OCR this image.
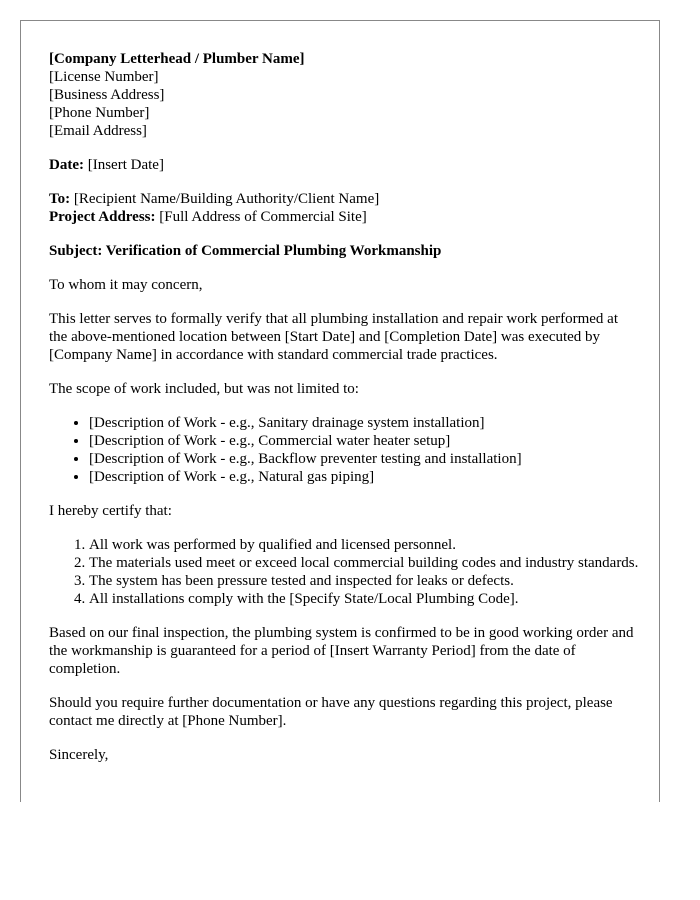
[Company Letterhead / Plumber Name]
[License Number]
[Business Address]
[Phone Number]
[Email Address]

Date: [Insert Date]

To: [Recipient Name/Building Authority/Client Name]
Project Address: [Full Address of Commercial Site]

Subject: Verification of Commercial Plumbing Workmanship

To whom it may concern,

This letter serves to formally verify that all plumbing installation and repair work performed at the above-mentioned location between [Start Date] and [Completion Date] was executed by [Company Name] in accordance with standard commercial trade practices.

The scope of work included, but was not limited to:

• [Description of Work - e.g., Sanitary drainage system installation]
• [Description of Work - e.g., Commercial water heater setup]
• [Description of Work - e.g., Backflow preventer testing and installation]
• [Description of Work - e.g., Natural gas piping]

I hereby certify that:

1. All work was performed by qualified and licensed personnel.
2. The materials used meet or exceed local commercial building codes and industry standards.
3. The system has been pressure tested and inspected for leaks or defects.
4. All installations comply with the [Specify State/Local Plumbing Code].

Based on our final inspection, the plumbing system is confirmed to be in good working order and the workmanship is guaranteed for a period of [Insert Warranty Period] from the date of completion.

Should you require further documentation or have any questions regarding this project, please contact me directly at [Phone Number].

Sincerely,
